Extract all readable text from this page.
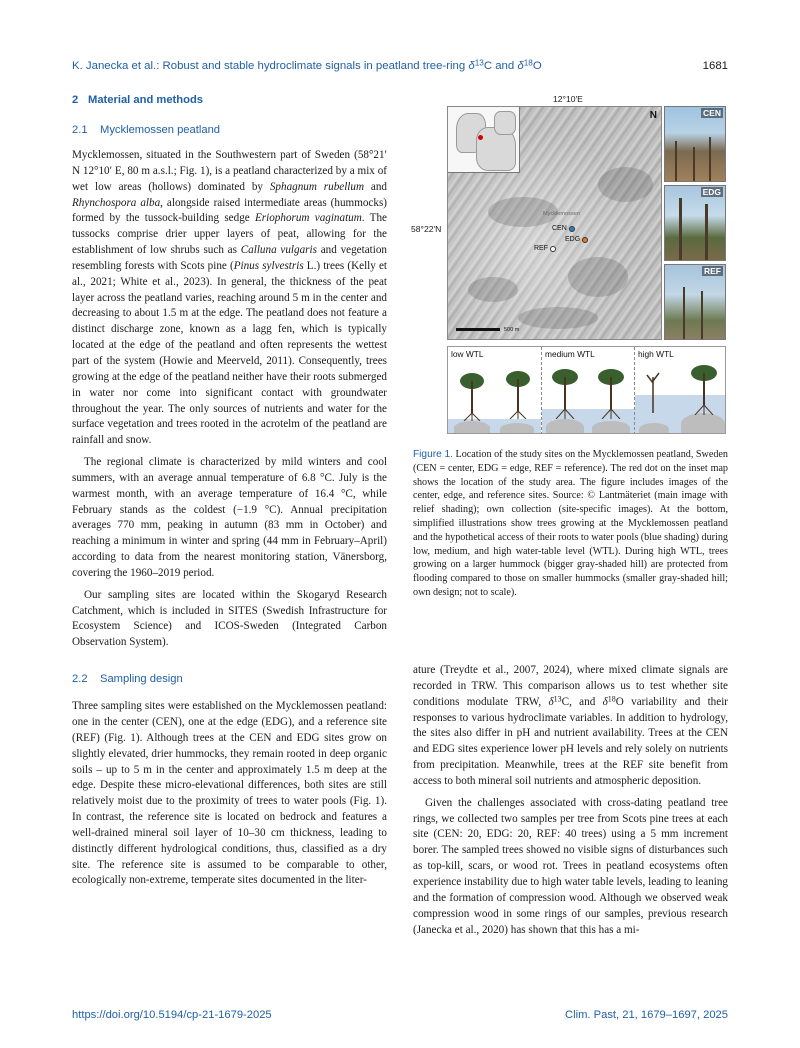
K. Janecka et al.: Robust and stable hydroclimate signals in peatland tree-ring $\delta^{13}C$ and $\delta^{18}O$	1681
2 Material and methods
2.1 Mycklemossen peatland

Mycklemossen, situated in the Southwestern part of Sweden (58°21′ N 12°10′ E, 80 m a.s.l.; Fig. 1), is a peatland characterized by a mix of wet low areas (hollows) dominated by Sphagnum rubellum and Rhynchospora alba, alongside raised intermediate areas (hummocks) formed by the tussock-building sedge Eriophorum vaginatum. The tussocks comprise drier upper layers of peat, allowing for the establishment of low shrubs such as Calluna vulgaris and vegetation resembling forests with Scots pine (Pinus sylvestris L.) trees (Kelly et al., 2021; White et al., 2023). In general, the thickness of the peat layer across the peatland varies, reaching around 5 m in the center and decreasing to about 1.5 m at the edge. The peatland does not feature a distinct discharge zone, known as a lagg fen, which is typically located at the edge of the peatland and often represents the wettest part of the system (Howie and Meerveld, 2011). Consequently, trees growing at the edge of the peatland neither have their roots submerged in water nor come into significant contact with groundwater throughout the year. The only sources of nutrients and water for the surface vegetation and trees rooted in the acrotelm of the peatland are rainfall and snow.

The regional climate is characterized by mild winters and cool summers, with an average annual temperature of 6.8 °C. July is the warmest month, with an average temperature of 16.4 °C, while February stands as the coldest (−1.9 °C). Annual precipitation averages 770 mm, peaking in autumn (83 mm in October) and reaching a minimum in winter and spring (44 mm in February–April) according to data from the nearest monitoring station, Vänersborg, covering the 1960–2019 period.

Our sampling sites are located within the Skogaryd Research Catchment, which is included in SITES (Swedish Infrastructure for Ecosystem Science) and ICOS-Sweden (Integrated Carbon Observation System).

2.2 Sampling design

Three sampling sites were established on the Mycklemossen peatland: one in the center (CEN), one at the edge (EDG), and a reference site (REF) (Fig. 1). Although trees at the CEN and EDG sites grow on slightly elevated, drier hummocks, they remain rooted in deep organic soils – up to 5 m in the center and approximately 1.5 m deep at the edge. Despite these micro-elevational differences, both sites are still relatively moist due to the proximity of trees to water pools (Fig. 1). In contrast, the reference site is located on bedrock and features a well-drained mineral soil layer of 10–30 cm thickness, leading to distinctly different hydrological conditions, thus, classified as a dry site. The reference site is assumed to be comparable to other, ecologically non-extreme, temperate sites documented in the liter-

12°10′E
58°22′N
N
Mycklemossen
CEN
EDG
REF
500 m
CEN
EDG
REF
low WTL	medium WTL	high WTL

Figure 1. Location of the study sites on the Mycklemossen peatland, Sweden (CEN = center, EDG = edge, REF = reference). The red dot on the inset map shows the location of the study area. The figure includes images of the center, edge, and reference sites. Source: © Lantmäteriet (main image with relief shading); own collection (site-specific images). At the bottom, simplified illustrations show trees growing at the Mycklemossen peatland and the hypothetical access of their roots to water pools (blue shading) during low, medium, and high water-table level (WTL). During high WTL, trees growing on a larger hummock (bigger gray-shaded hill) are protected from flooding compared to those on smaller hummocks (smaller gray-shaded hill; own design; not to scale).

ature (Treydte et al., 2007, 2024), where mixed climate signals are recorded in TRW. This comparison allows us to test whether site conditions modulate TRW, $\delta^{13}C$, and $\delta^{18}O$ variability and their responses to various hydroclimate variables. In addition to hydrology, the sites also differ in pH and nutrient availability. Trees at the CEN and EDG sites experience lower pH levels and rely solely on nutrients from precipitation. Meanwhile, trees at the REF site benefit from access to both mineral soil nutrients and atmospheric deposition.

Given the challenges associated with cross-dating peatland tree rings, we collected two samples per tree from Scots pine trees at each site (CEN: 20, EDG: 20, REF: 40 trees) using a 5 mm increment borer. The sampled trees showed no visible signs of disturbances such as top-kill, scars, or wood rot. Trees in peatland ecosystems often experience instability due to high water table levels, leading to leaning and the formation of compression wood. Although we observed weak compression wood in some rings of our samples, previous research (Janecka et al., 2020) has shown that this has a mi-

https://doi.org/10.5194/cp-21-1679-2025	Clim. Past, 21, 1679–1697, 2025
